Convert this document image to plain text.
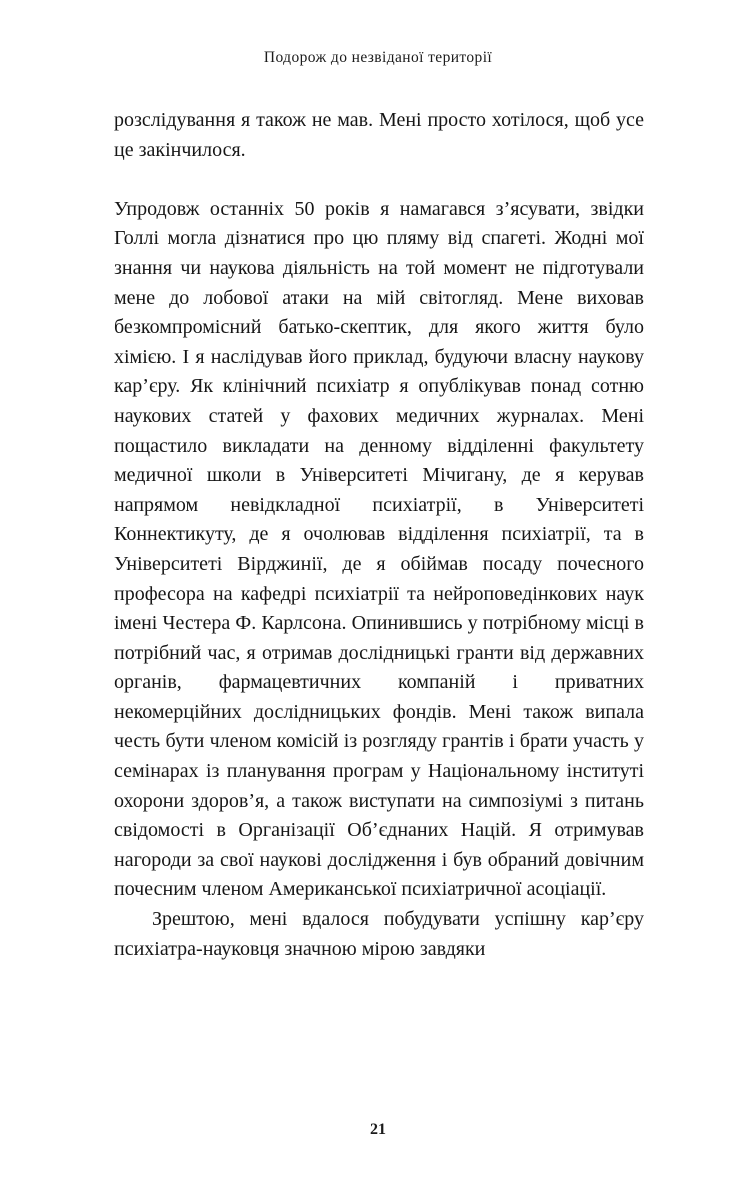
Подорож до незвіданої території

розслідування я також не мав. Мені просто хотілося, щоб усе це закінчилося.

Упродовж останніх 50 років я намагався з’ясувати, звідки Голлі могла дізнатися про цю пляму від спагеті. Жодні мої знання чи наукова діяльність на той момент не підготували мене до лобової атаки на мій світогляд. Мене виховав безкомпромісний батько-скептик, для якого життя було хімією. І я наслідував його приклад, будуючи власну наукову кар’єру. Як клінічний психіатр я опублікував понад сотню наукових статей у фахових медичних журналах. Мені пощастило викладати на денному відділенні факультету медичної школи в Університеті Мічигану, де я керував напрямом невідкладної психіатрії, в Університеті Коннектикуту, де я очолював відділення психіатрії, та в Університеті Вірджинії, де я обіймав посаду почесного професора на кафедрі психіатрії та нейроповедінкових наук імені Честера Ф. Карлсона. Опинившись у потрібному місці в потрібний час, я отримав дослідницькі гранти від державних органів, фармацевтичних компаній і приватних некомерційних дослідницьких фондів. Мені також випала честь бути членом комісій із розгляду грантів і брати участь у семінарах із планування програм у Національному інституті охорони здоров’я, а також виступати на симпозіумі з питань свідомості в Організації Об’єднаних Націй. Я отримував нагороди за свої наукові дослідження і був обраний довічним почесним членом Американської психіатричної асоціації.

Зрештою, мені вдалося побудувати успішну кар’єру психіатра-науковця значною мірою завдяки

21
